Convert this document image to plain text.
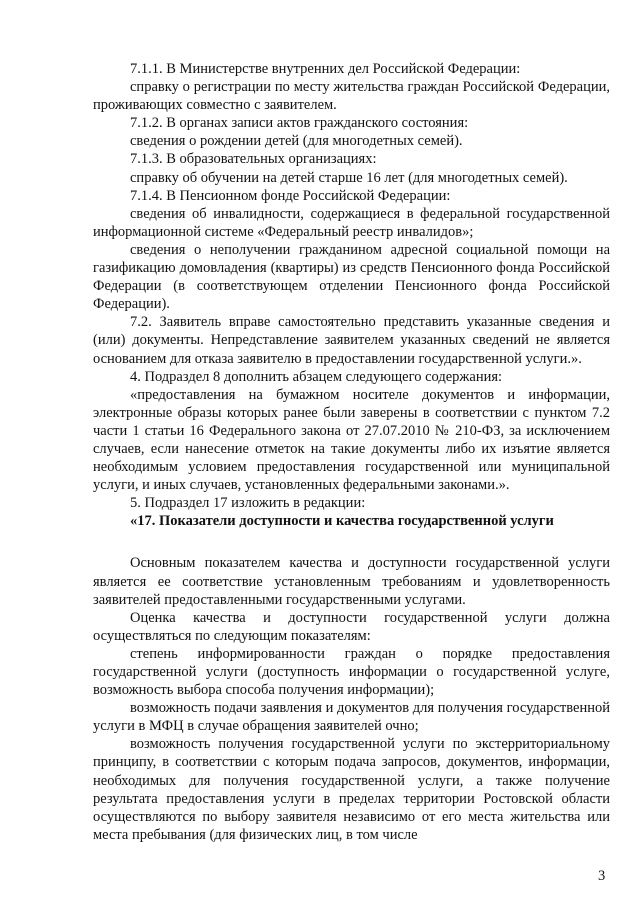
7.1.1. В Министерстве внутренних дел Российской Федерации:

справку о регистрации по месту жительства граждан Российской Федерации, проживающих совместно с заявителем.

7.1.2. В органах записи актов гражданского состояния:

сведения о рождении детей (для многодетных семей).

7.1.3. В образовательных организациях:

справку об обучении на детей старше 16 лет (для многодетных семей).

7.1.4. В Пенсионном фонде Российской Федерации:

сведения об инвалидности, содержащиеся в федеральной государственной информационной системе «Федеральный реестр инвалидов»;

сведения о неполучении гражданином адресной социальной помощи на газификацию домовладения (квартиры) из средств Пенсионного фонда Российской Федерации (в соответствующем отделении Пенсионного фонда Российской Федерации).

7.2. Заявитель вправе самостоятельно представить указанные сведения и (или) документы. Непредставление заявителем указанных сведений не является основанием для отказа заявителю в предоставлении государственной услуги.».

4. Подраздел 8 дополнить абзацем следующего содержания:

«предоставления на бумажном носителе документов и информации, электронные образы которых ранее были заверены в соответствии с пунктом 7.2 части 1 статьи 16 Федерального закона от 27.07.2010 № 210-ФЗ, за исключением случаев, если нанесение отметок на такие документы либо их изъятие является необходимым условием предоставления государственной или муниципальной услуги, и иных случаев, установленных федеральными законами.».

5. Подраздел 17 изложить в редакции:

«17. Показатели доступности и качества государственной услуги

Основным показателем качества и доступности государственной услуги является ее соответствие установленным требованиям и удовлетворенность заявителей предоставленными государственными услугами.

Оценка качества и доступности государственной услуги должна осуществляться по следующим показателям:

степень информированности граждан о порядке предоставления государственной услуги (доступность информации о государственной услуге, возможность выбора способа получения информации);

возможность подачи заявления и документов для получения государственной услуги в МФЦ в случае обращения заявителей очно;

возможность получения государственной услуги по экстерриториальному принципу, в соответствии с которым подача запросов, документов, информации, необходимых для получения государственной услуги, а также получение результата предоставления услуги в пределах территории Ростовской области осуществляются по выбору заявителя независимо от его места жительства или места пребывания (для физических лиц, в том числе

3
